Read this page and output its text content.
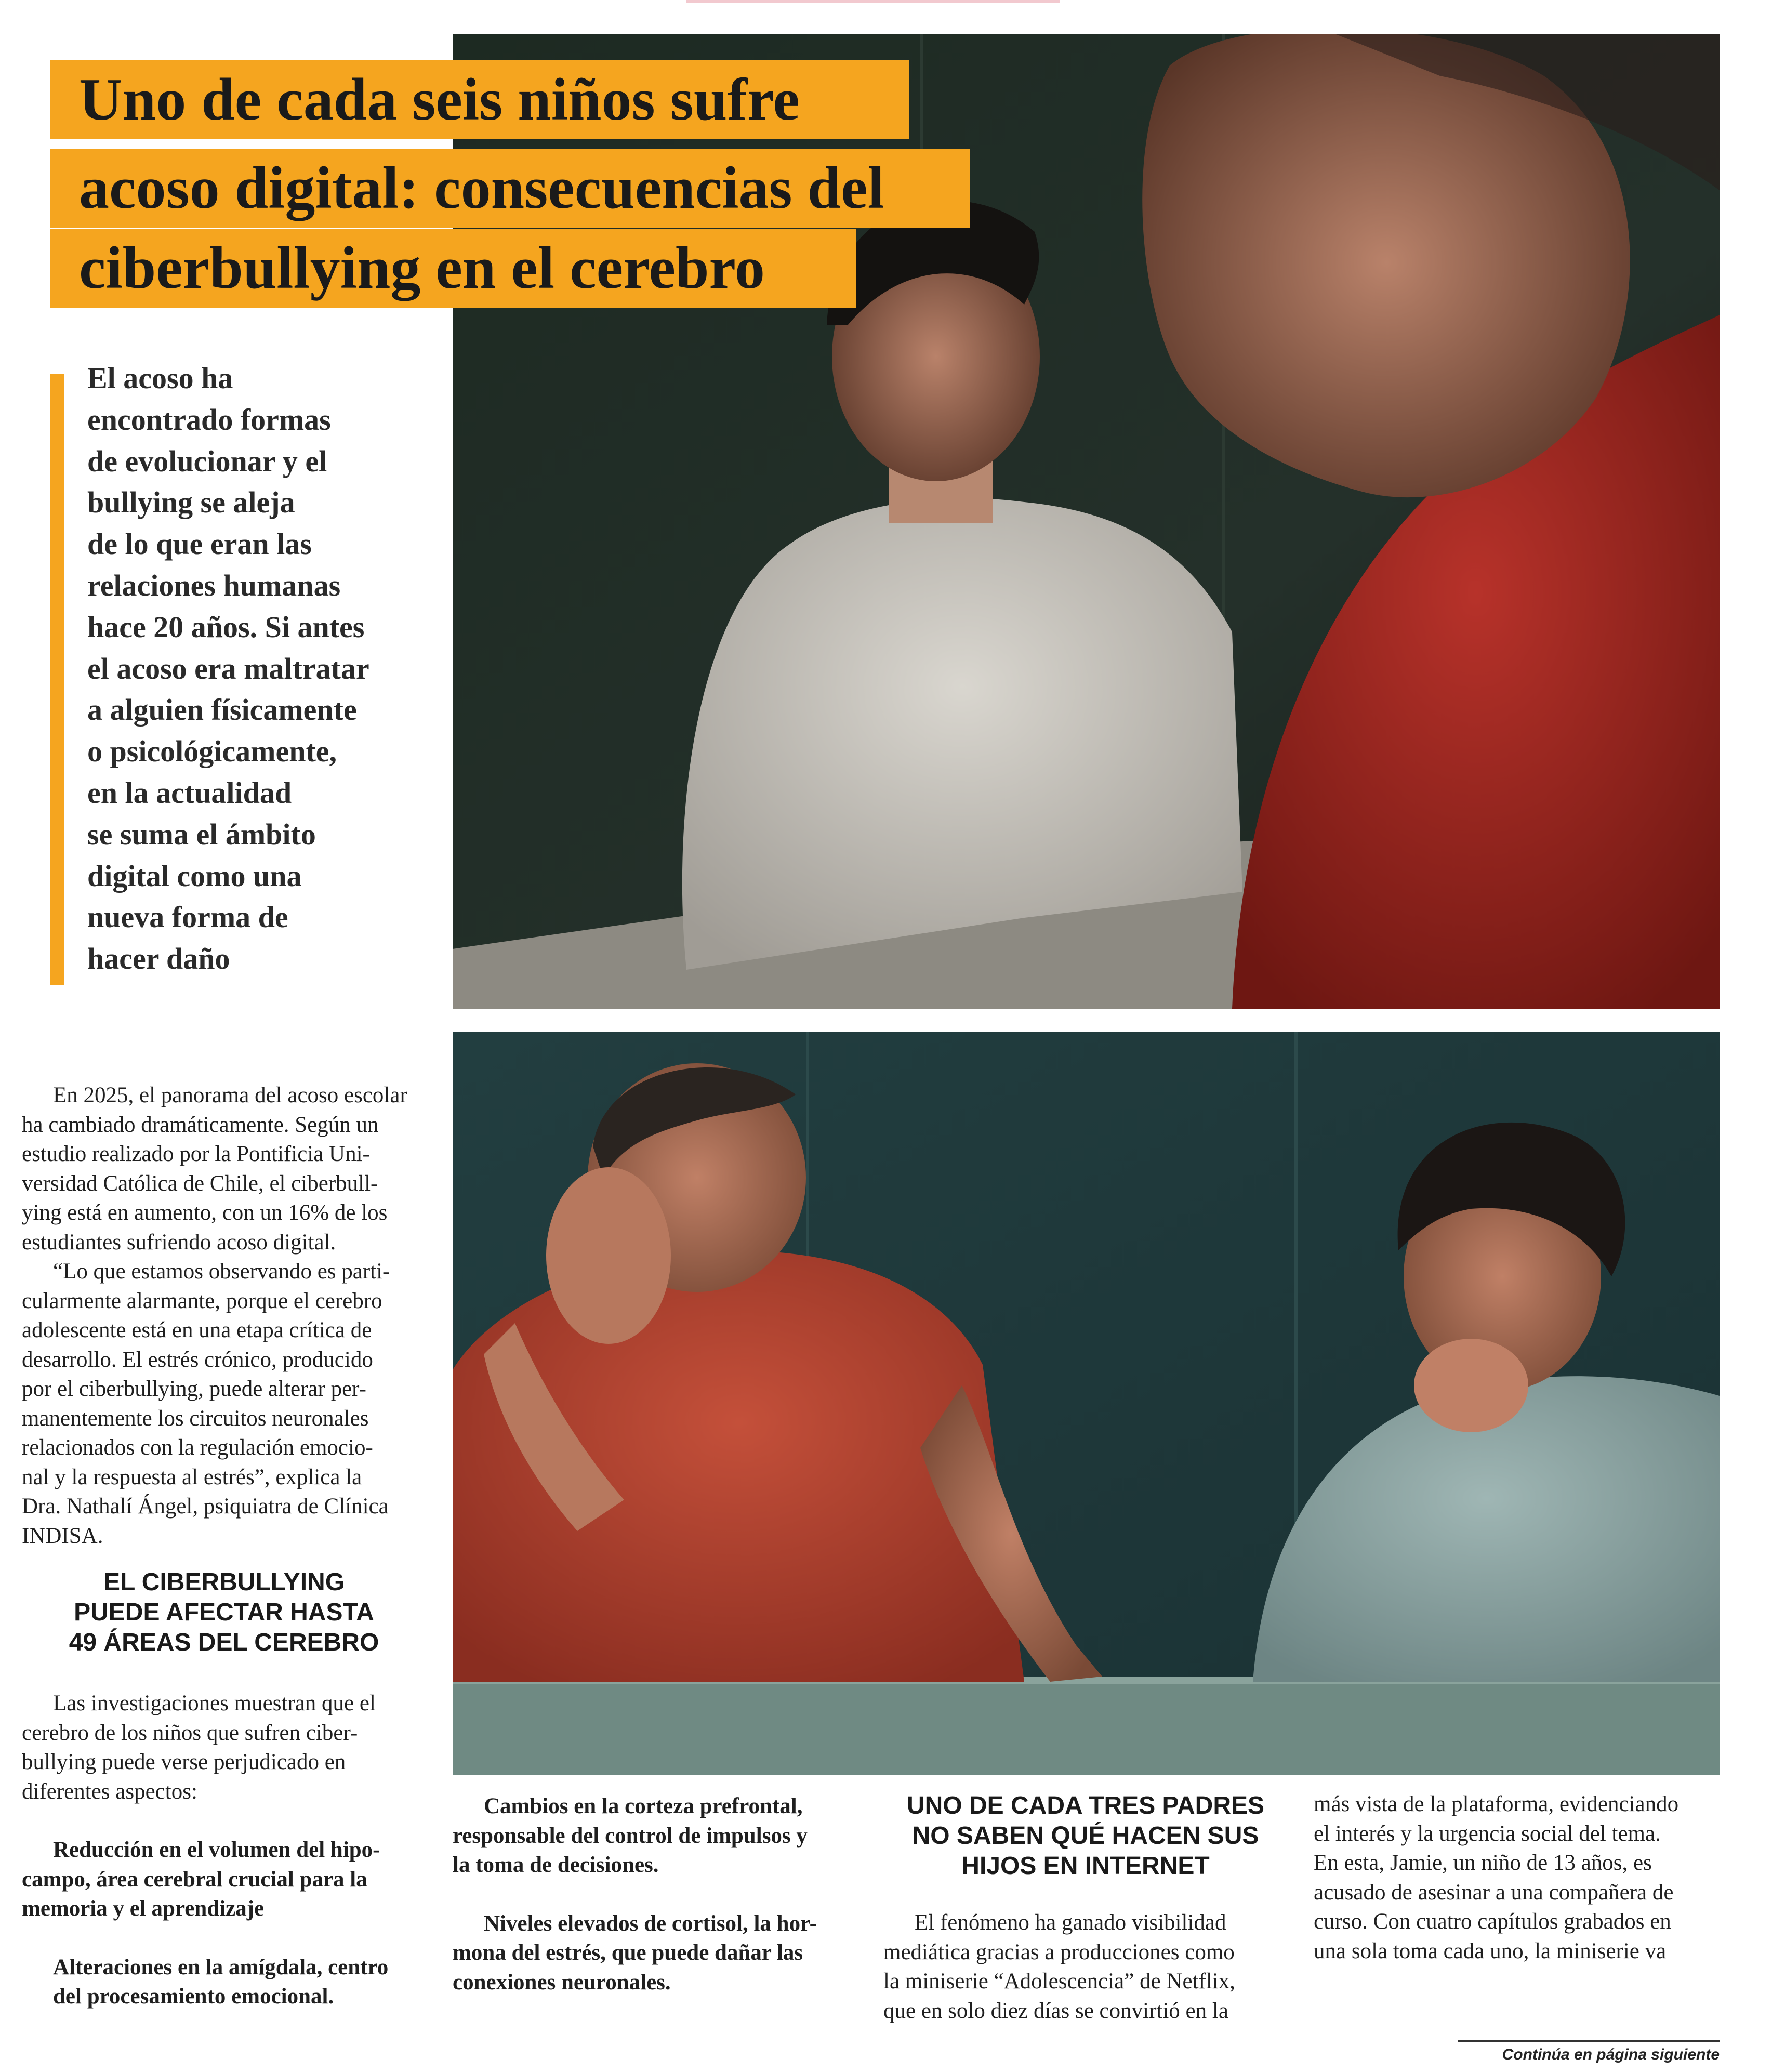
Uno de cada seis niños sufre
acoso digital: consecuencias del
ciberbullying en el cerebro
El acoso ha
encontrado formas
de evolucionar y el
bullying se aleja
de lo que eran las
relaciones humanas
hace 20 años. Si antes
el acoso era maltratar
a alguien físicamente
o psicológicamente,
en la actualidad
se suma el ámbito
digital como una
nueva forma de
hacer daño

En 2025, el panorama del acoso escolar
ha cambiado dramáticamente. Según un
estudio realizado por la Pontificia Uni-
versidad Católica de Chile, el ciberbull-
ying está en aumento, con un 16% de los
estudiantes sufriendo acoso digital.

“Lo que estamos observando es parti-
cularmente alarmante, porque el cerebro
adolescente está en una etapa crítica de
desarrollo. El estrés crónico, producido
por el ciberbullying, puede alterar per-
manentemente los circuitos neuronales
relacionados con la regulación emocio-
nal y la respuesta al estrés”, explica la
Dra. Nathalí Ángel, psiquiatra de Clínica
INDISA.

EL CIBERBULLYING
PUEDE AFECTAR HASTA
49 ÁREAS DEL CEREBRO

Las investigaciones muestran que el
cerebro de los niños que sufren ciber-
bullying puede verse perjudicado en
diferentes aspectos:

Reducción en el volumen del hipo-
campo, área cerebral crucial para la
memoria y el aprendizaje

Alteraciones en la amígdala, centro
del procesamiento emocional.

Cambios en la corteza prefrontal,
responsable del control de impulsos y
la toma de decisiones.

Niveles elevados de cortisol, la hor-
mona del estrés, que puede dañar las
conexiones neuronales.

UNO DE CADA TRES PADRES
NO SABEN QUÉ HACEN SUS
HIJOS EN INTERNET

El fenómeno ha ganado visibilidad
mediática gracias a producciones como
la miniserie “Adolescencia” de Netflix,
que en solo diez días se convirtió en la

más vista de la plataforma, evidenciando
el interés y la urgencia social del tema.
En esta, Jamie, un niño de 13 años, es
acusado de asesinar a una compañera de
curso. Con cuatro capítulos grabados en
una sola toma cada uno, la miniserie va

Continúa en página siguiente
